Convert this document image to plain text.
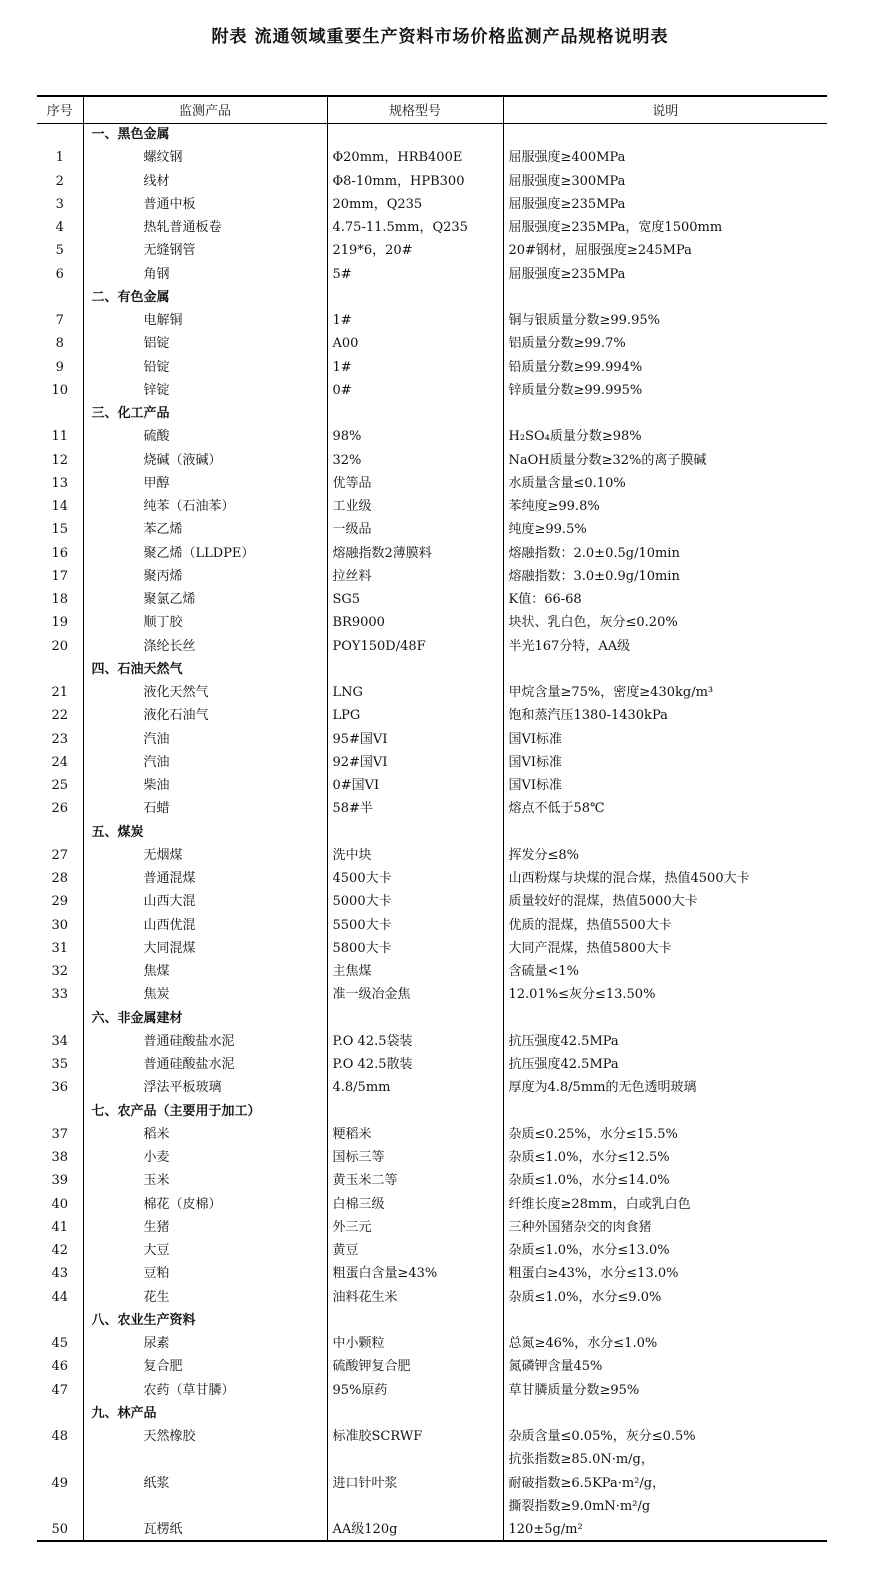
附表 流通领域重要生产资料市场价格监测产品规格说明表
序号	监测产品	规格型号	说明
	一、黑色金属		
1	螺纹钢	Φ20mm，HRB400E	屈服强度≥400MPa
2	线材	Φ8-10mm，HPB300	屈服强度≥300MPa
3	普通中板	20mm，Q235	屈服强度≥235MPa
4	热轧普通板卷	4.75-11.5mm，Q235	屈服强度≥235MPa，宽度1500mm
5	无缝钢管	219*6，20#	20#钢材，屈服强度≥245MPa
6	角钢	5#	屈服强度≥235MPa
	二、有色金属		
7	电解铜	1#	铜与银质量分数≥99.95%
8	铝锭	A00	铝质量分数≥99.7%
9	铅锭	1#	铅质量分数≥99.994%
10	锌锭	0#	锌质量分数≥99.995%
	三、化工产品		
11	硫酸	98%	H₂SO₄质量分数≥98%
12	烧碱（液碱）	32%	NaOH质量分数≥32%的离子膜碱
13	甲醇	优等品	水质量含量≤0.10%
14	纯苯（石油苯）	工业级	苯纯度≥99.8%
15	苯乙烯	一级品	纯度≥99.5%
16	聚乙烯（LLDPE）	熔融指数2薄膜料	熔融指数：2.0±0.5g/10min
17	聚丙烯	拉丝料	熔融指数：3.0±0.9g/10min
18	聚氯乙烯	SG5	K值：66-68
19	顺丁胶	BR9000	块状、乳白色，灰分≤0.20%
20	涤纶长丝	POY150D/48F	半光167分特，AA级
	四、石油天然气		
21	液化天然气	LNG	甲烷含量≥75%，密度≥430kg/m³
22	液化石油气	LPG	饱和蒸汽压1380-1430kPa
23	汽油	95#国VI	国VI标准
24	汽油	92#国VI	国VI标准
25	柴油	0#国VI	国VI标准
26	石蜡	58#半	熔点不低于58℃
	五、煤炭		
27	无烟煤	洗中块	挥发分≤8%
28	普通混煤	4500大卡	山西粉煤与块煤的混合煤，热值4500大卡
29	山西大混	5000大卡	质量较好的混煤，热值5000大卡
30	山西优混	5500大卡	优质的混煤，热值5500大卡
31	大同混煤	5800大卡	大同产混煤，热值5800大卡
32	焦煤	主焦煤	含硫量<1%
33	焦炭	准一级冶金焦	12.01%≤灰分≤13.50%
	六、非金属建材		
34	普通硅酸盐水泥	P.O 42.5袋装	抗压强度42.5MPa
35	普通硅酸盐水泥	P.O 42.5散装	抗压强度42.5MPa
36	浮法平板玻璃	4.8/5mm	厚度为4.8/5mm的无色透明玻璃
	七、农产品（主要用于加工）		
37	稻米	粳稻米	杂质≤0.25%，水分≤15.5%
38	小麦	国标三等	杂质≤1.0%，水分≤12.5%
39	玉米	黄玉米二等	杂质≤1.0%，水分≤14.0%
40	棉花（皮棉）	白棉三级	纤维长度≥28mm，白或乳白色
41	生猪	外三元	三种外国猪杂交的肉食猪
42	大豆	黄豆	杂质≤1.0%，水分≤13.0%
43	豆粕	粗蛋白含量≥43%	粗蛋白≥43%，水分≤13.0%
44	花生	油料花生米	杂质≤1.0%，水分≤9.0%
	八、农业生产资料		
45	尿素	中小颗粒	总氮≥46%，水分≤1.0%
46	复合肥	硫酸钾复合肥	氮磷钾含量45%
47	农药（草甘膦）	95%原药	草甘膦质量分数≥95%
	九、林产品		
48	天然橡胶	标准胶SCRWF	杂质含量≤0.05%，灰分≤0.5%
			抗张指数≥85.0N·m/g，
49	纸浆	进口针叶浆	耐破指数≥6.5KPa·m²/g，
			撕裂指数≥9.0mN·m²/g
50	瓦楞纸	AA级120g	120±5g/m²
